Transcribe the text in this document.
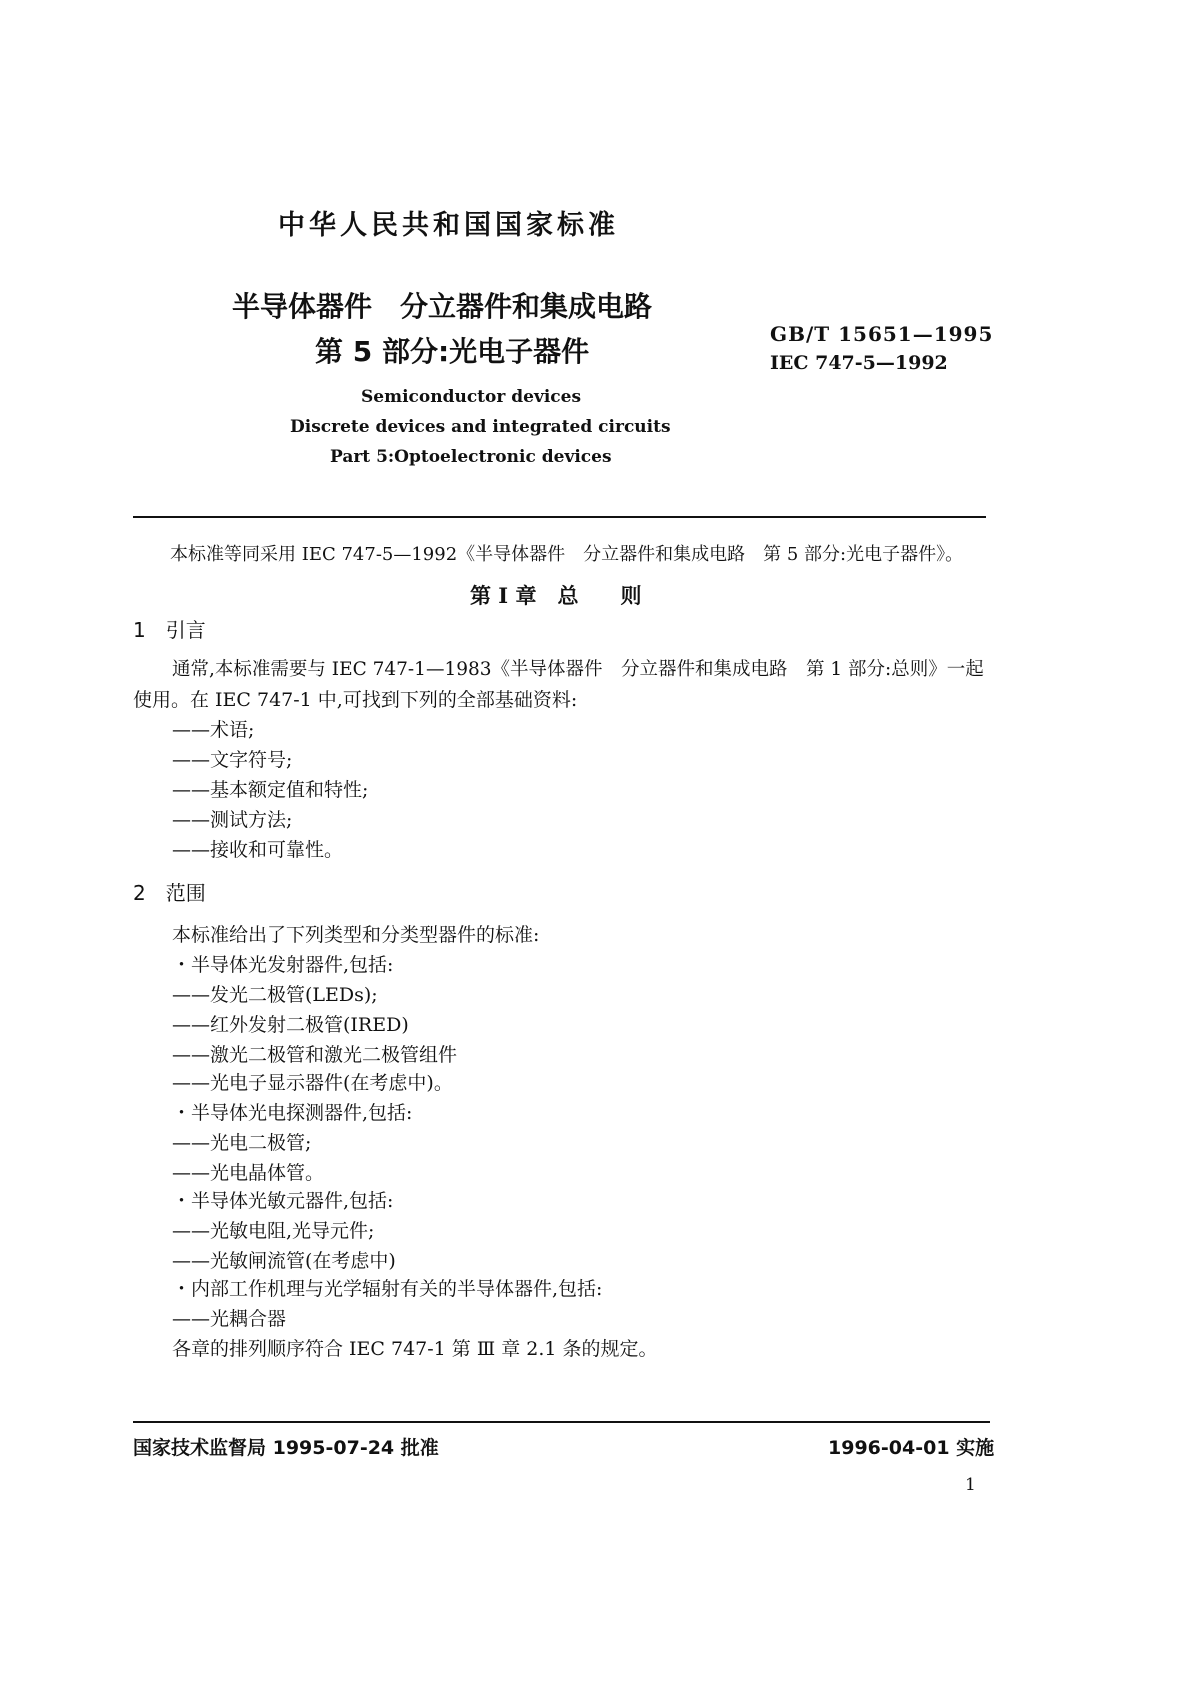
中华人民共和国国家标准
半导体器件　分立器件和集成电路
第 5 部分:光电子器件
GB/T 15651—1995
IEC 747-5—1992
Semiconductor devices
Discrete devices and integrated circuits
Part 5:Optoelectronic devices
本标准等同采用 IEC 747-5—1992《半导体器件　分立器件和集成电路　第 5 部分:光电子器件》。
第 I 章　总　　则
1　引言
通常,本标准需要与 IEC 747-1—1983《半导体器件　分立器件和集成电路　第 1 部分:总则》一起
使用。在 IEC 747-1 中,可找到下列的全部基础资料:
——术语;
——文字符号;
——基本额定值和特性;
——测试方法;
——接收和可靠性。
2　范围
本标准给出了下列类型和分类型器件的标准:
・半导体光发射器件,包括:
——发光二极管(LEDs);
——红外发射二极管(IRED)
——激光二极管和激光二极管组件
——光电子显示器件(在考虑中)。
・半导体光电探测器件,包括:
——光电二极管;
——光电晶体管。
・半导体光敏元器件,包括:
——光敏电阻,光导元件;
——光敏闸流管(在考虑中)
・内部工作机理与光学辐射有关的半导体器件,包括:
——光耦合器
各章的排列顺序符合 IEC 747-1 第 Ⅲ 章 2.1 条的规定。
国家技术监督局 1995-07-24 批准	1996-04-01 实施
1
